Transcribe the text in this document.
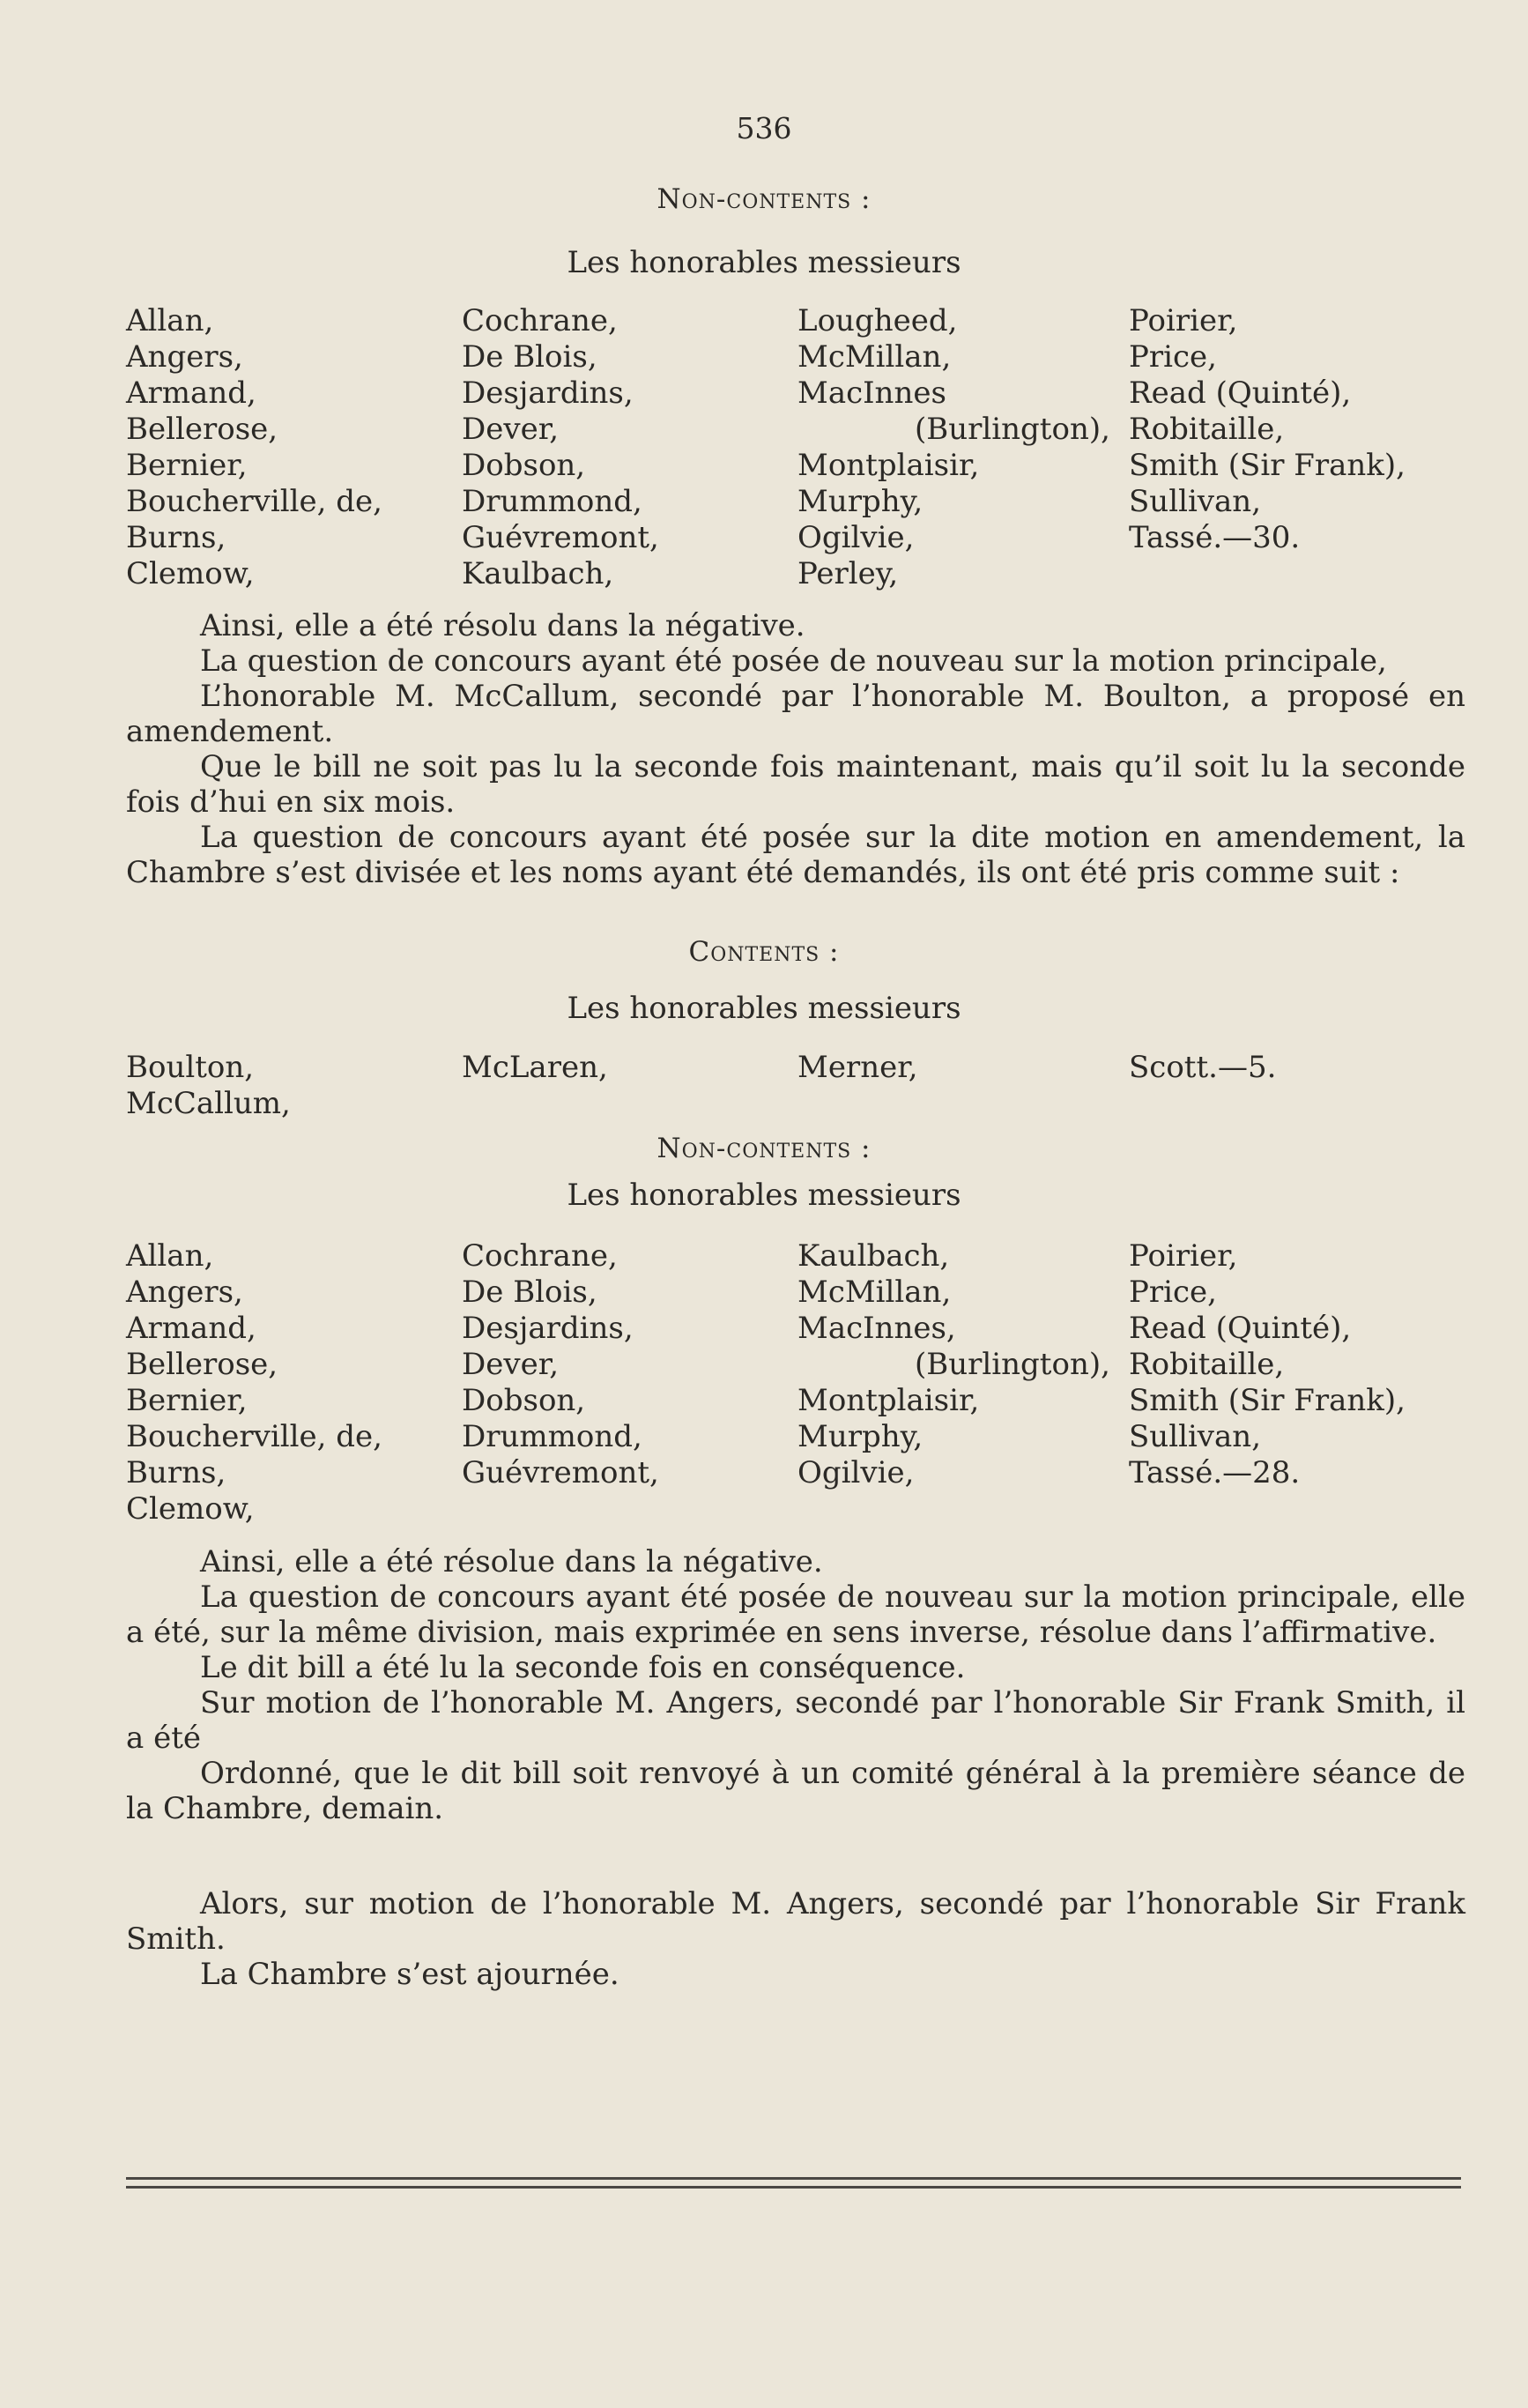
536
Non-contents :
Les honorables messieurs
Allan,
Angers,
Armand,
Bellerose,
Bernier,
Boucherville, de,
Burns,
Clemow,
Cochrane,
De Blois,
Desjardins,
Dever,
Dobson,
Drummond,
Guévremont,
Kaulbach,
Lougheed,
McMillan,
MacInnes
(Burlington),
Montplaisir,
Murphy,
Ogilvie,
Perley,
Poirier,
Price,
Read (Quinté),
Robitaille,
Smith (Sir Frank),
Sullivan,
Tassé.—30.

Ainsi, elle a été résolu dans la négative.

La question de concours ayant été posée de nouveau sur la motion principale,

L’honorable M. McCallum, secondé par l’honorable M. Boulton, a proposé en amendement.

Que le bill ne soit pas lu la seconde fois maintenant, mais qu’il soit lu la seconde fois d’hui en six mois.

La question de concours ayant été posée sur la dite motion en amendement, la Chambre s’est divisée et les noms ayant été demandés, ils ont été pris comme suit :

Contents :
Les honorables messieurs
Boulton,
McCallum,
McLaren,	Merner,	Scott.—5.
Non-contents :
Les honorables messieurs
Allan,
Angers,
Armand,
Bellerose,
Bernier,
Boucherville, de,
Burns,
Clemow,
Cochrane,
De Blois,
Desjardins,
Dever,
Dobson,
Drummond,
Guévremont,
Kaulbach,
McMillan,
MacInnes,
(Burlington),
Montplaisir,
Murphy,
Ogilvie,
Poirier,
Price,
Read (Quinté),
Robitaille,
Smith (Sir Frank),
Sullivan,
Tassé.—28.

Ainsi, elle a été résolue dans la négative.

La question de concours ayant été posée de nouveau sur la motion principale, elle a été, sur la même division, mais exprimée en sens inverse, résolue dans l’affirmative.

Le dit bill a été lu la seconde fois en conséquence.

Sur motion de l’honorable M. Angers, secondé par l’honorable Sir Frank Smith, il a été

Ordonné, que le dit bill soit renvoyé à un comité général à la première séance de la Chambre, demain.

Alors, sur motion de l’honorable M. Angers, secondé par l’honorable Sir Frank Smith.

La Chambre s’est ajournée.
